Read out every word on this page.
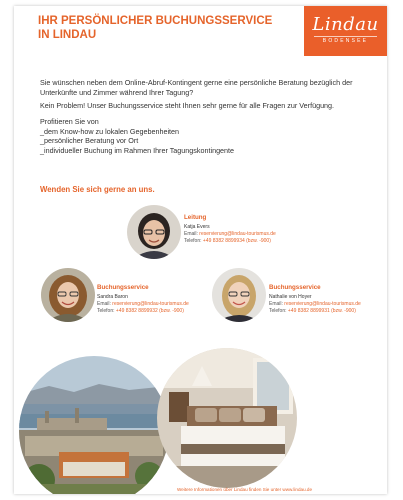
IHR PERSÖNLICHER BUCHUNGSSERVICE
IN LINDAU	Lindau
BODENSEE

Sie wünschen neben dem Online-Abruf-Kontingent gerne eine persönliche Beratung bezüglich der Unterkünfte und Zimmer während Ihrer Tagung?

Kein Problem! Unser Buchungsservice steht Ihnen sehr gerne für alle Fragen zur Verfügung.

Profitieren Sie von

_dem Know-how zu lokalen Gegebenheiten
_persönlicher Beratung vor Ort
_individueller Buchung im Rahmen Ihrer Tagungskontingente

Wenden Sie sich gerne an uns.

Leitung
Katja Evers
Email: reservierung@lindau-tourismus.de
Telefon: +49 8382 8899934 (bzw. -900)
Buchungsservice
Sandra Baron
Email: reservierung@lindau-tourismus.de
Telefon: +49 8382 8899932 (bzw. -900)
Buchungsservice
Nathalie von Hoyer
Email: reservierung@lindau-tourismus.de
Telefon: +49 8382 8899931 (bzw. -900)

Weitere Informationen über Lindau finden Sie unter www.lindau.de
